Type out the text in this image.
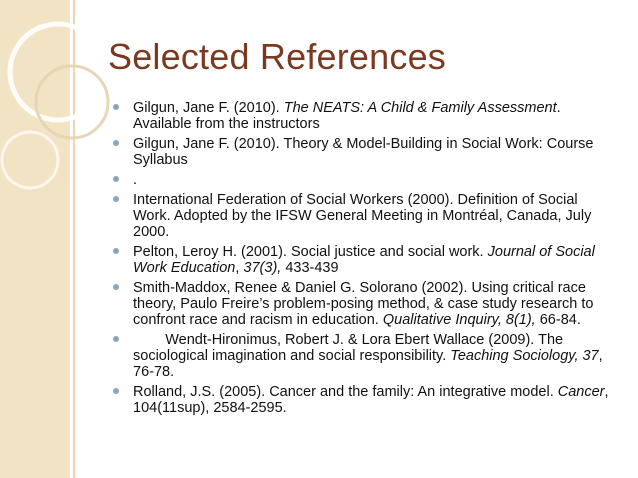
Selected References
Gilgun, Jane F. (2010). The NEATS: A Child & Family Assessment. Available from the instructors
Gilgun, Jane F. (2010). Theory & Model-Building in Social Work: Course Syllabus
.
International Federation of Social Workers (2000). Definition of Social Work. Adopted by the IFSW General Meeting in Montréal, Canada, July 2000.
Pelton, Leroy H. (2001). Social justice and social work. Journal of Social Work Education, 37(3), 433-439
Smith-Maddox, Renee & Daniel G. Solorano (2002). Using critical race theory, Paulo Freire’s problem-posing method, & case study research to confront race and racism in education. Qualitative Inquiry, 8(1), 66-84.
Wendt-Hironimus, Robert J. & Lora Ebert Wallace (2009). The sociological imagination and social responsibility. Teaching Sociology, 37, 76-78.
Rolland, J.S. (2005). Cancer and the family: An integrative model. Cancer, 104(11sup), 2584-2595.
